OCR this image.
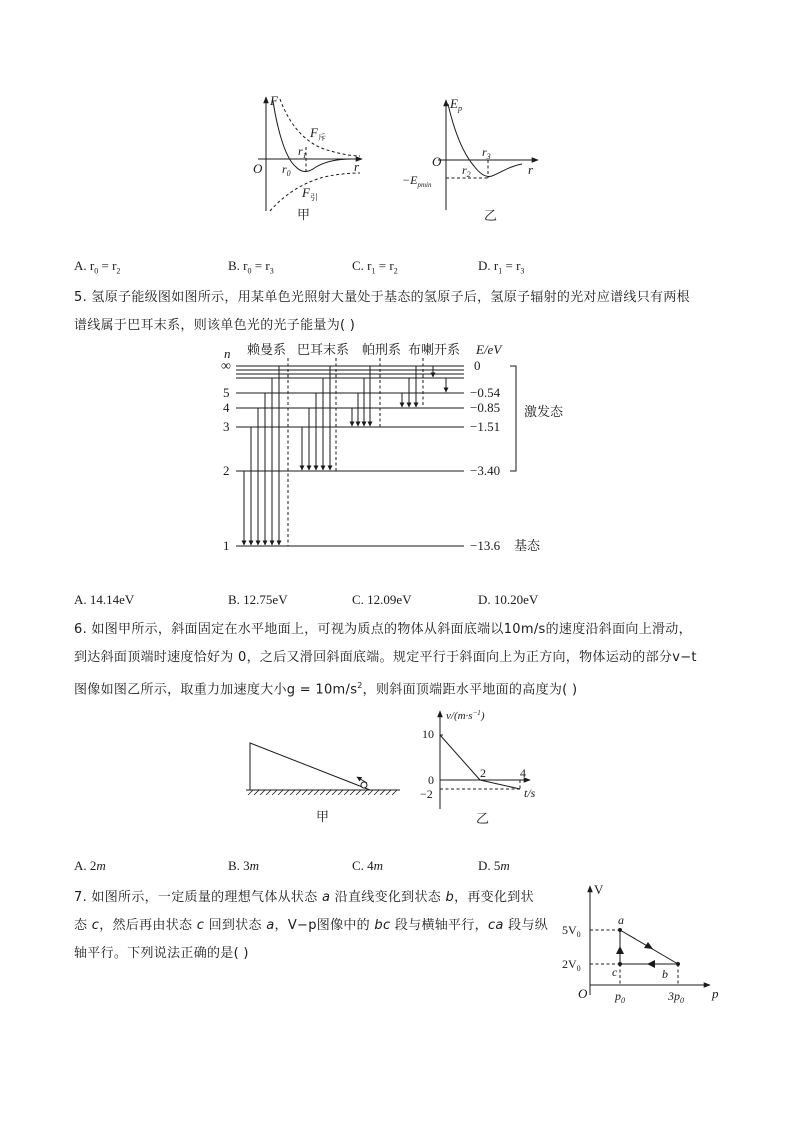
F
O	r
$r_1$
$r_0$
$F_斥$
$F_引$
甲
$E_p$
O
r
$r_3$
$r_2$
$-E_{pmin}$
乙
A. $r_0 = r_2$	B. $r_0 = r_3$	C. $r_1 = r_2$	D. $r_1 = r_3$

5. 氢原子能级图如图所示，用某单色光照射大量处于基态的氢原子后，氢原子辐射的光对应谱线只有两根

谱线属于巴耳末系，则该单色光的光子能量为( )

n 赖曼系 巴耳末系 帕刑系 布喇开系 E/eV
∞
5
4
3
2
1
0
−0.54
−0.85
−1.51
−3.40
−13.6 基态
激发态
A. 14.14eV	B. 12.75eV	C. 12.09eV	D. 10.20eV

6. 如图甲所示，斜面固定在水平地面上，可视为质点的物体从斜面底端以10m/s的速度沿斜面向上滑动，

到达斜面顶端时速度恰好为 0，之后又滑回斜面底端。规定平行于斜面向上为正方向，物体运动的部分v−t

图像如图乙所示，取重力加速度大小$g = 10m/s^2$，则斜面顶端距水平地面的高度为( )

甲
$v/(m\cdot s^{-1})$
t/s
0
10
−2
2	4
乙
A. 2m	B. 3m	C. 4m	D. 5m

7. 如图所示，一定质量的理想气体从状态 a 沿直线变化到状态 b，再变化到状

态 c，然后再由状态 c 回到状态 a，V−p图像中的 bc 段与横轴平行，ca 段与纵

轴平行。下列说法正确的是( )

V
p
O
$5V_0$
$2V_0$
$p_0$	$3p_0$
a
b
c
